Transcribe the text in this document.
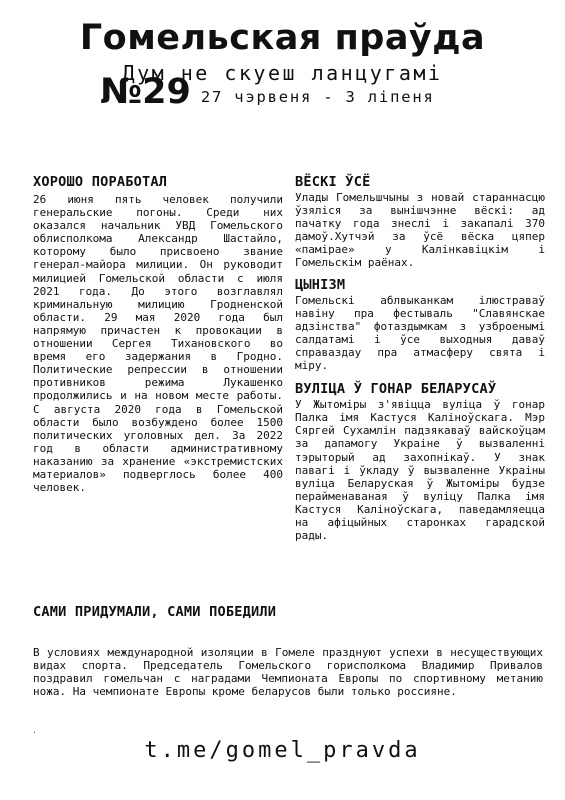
Гомельская праўда
Дум не скуеш ланцугамі
№29 27 чэрвеня - 3 ліпеня
ХОРОШО ПОРАБОТАЛ

26 июня пять человек получили генеральские погоны. Среди них оказался начальник УВД Гомельского облисполкома Александр Шастайло, которому было присвоено звание генерал-майора милиции. Он руководит милицией Гомельской области с июля 2021 года. До этого возглавлял криминальную милицию Гродненской области. 29 мая 2020 года был напрямую причастен к провокации в отношении Сергея Тихановского во время его задержания в Гродно. Политические репрессии в отношении противников режима Лукашенко продолжились и на новом месте работы. С августа 2020 года в Гомельской области было возбуждено более 1500 политических уголовных дел. За 2022 год в области административному наказанию за хранение «экстремистских материалов» подверглось более 400 человек.

ВЁСКІ ЎСЁ

Улады Гомельшчыны з новай стараннасцю ўзяліся за вынішчэнне вёскі: ад пачатку года знеслі і закапалі 370 дамоў.Хутчэй за ўсё вёска цяпер «памірае» у Калінкавіцкім і Гомельскім раёнах.

ЦЫНІЗМ

Гомельскі аблвыканкам ілюстраваў навіну пра фестываль "Славянскае адзінства" фотаздымкам з узброенымі салдатамі і ўсе выходныя даваў справаздау пра атмасферу свята і міру.

ВУЛІЦА Ў ГОНАР БЕЛАРУСАЎ

У Жытоміры з'явіцца вуліца ў гонар Палка імя Кастуся Каліноўскага. Мэр Сяргей Сухамлін падзякаваў вайскоўцам за дапамогу Украіне ў вызваленні тэрыторый ад захопнікаў. У знак павагі і ўкладу ў вызваленне Украіны вуліца Беларуская ў Жытоміры будзе перайменаваная ў вуліцу Палка імя Кастуся Каліноўскага, паведамляецца на афіцыйных старонках гарадской рады.

САМИ ПРИДУМАЛИ, САМИ ПОБЕДИЛИ

В условиях международной изоляции в Гомеле празднуют успехи в несуществующих видах спорта. Председатель Гомельского горисполкома Владимир Привалов поздравил гомельчан с наградами Чемпионата Европы по спортивному метанию ножа. На чемпионате Европы кроме беларусов были только россияне.

.
t.me/gomel_pravda
